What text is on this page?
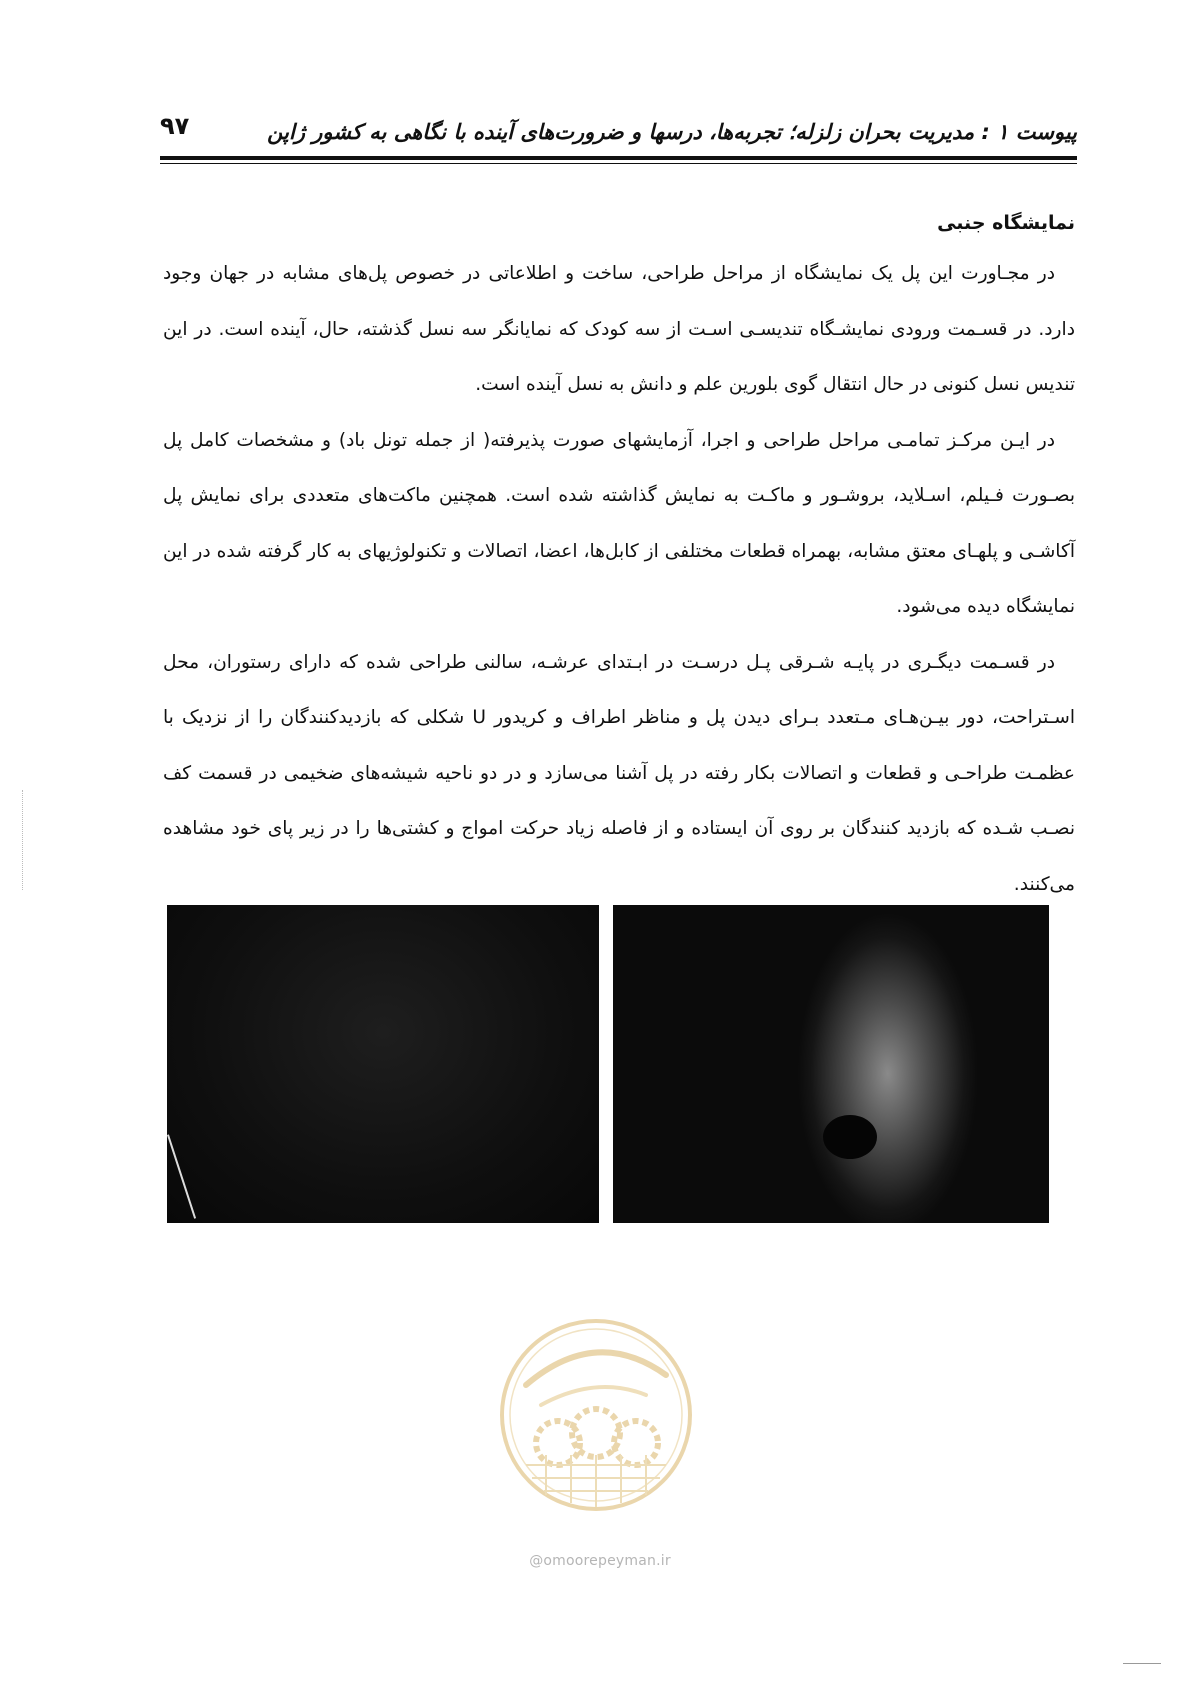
۹۷	پیوست ۱ : مدیریت بحران زلزله؛ تجربه‌ها، درسها و ضرورت‌های آینده با نگاهی به کشور ژاپن
نمایشگاه جنبی

در مجـاورت این پل یک نمایشگاه از مراحل طراحی، ساخت و اطلاعاتی در خصوص پل‌های مشابه در جهان وجود دارد. در قسـمت ورودی نمایشـگاه تندیسـی اسـت از سه کودک که نمایانگر سه نسل گذشته، حال، آینده است. در این تندیس نسل کنونی در حال انتقال گوی بلورین علم و دانش به نسل آینده است.

در ایـن مرکـز تمامـی مراحل طراحی و اجرا، آزمایشهای صورت پذیرفته( از جمله تونل باد) و مشخصات کامل پل بصـورت فـیلم، اسـلاید، بروشـور و ماکـت به نمایش گذاشته شده است. همچنین ماکت‌های متعددی برای نمایش پل آکاشـی و پلهـای معتق مشابه، بهمراه قطعات مختلفی از کابل‌ها، اعضا، اتصالات و تکنولوژیهای به کار گرفته شده در این نمایشگاه دیده می‌شود.

در قسـمت دیگـری در پایـه شـرقی پـل درسـت در ابـتدای عرشـه، سالنی طراحی شده که دارای رستوران، محل اسـتراحت، دور بیـن‌هـای مـتعدد بـرای دیدن پل و مناظر اطراف و کریدور U شکلی که بازدیدکنندگان را از نزدیک با عظمـت طراحـی و قطعات و اتصالات بکار رفته در پل آشنا می‌سازد و در دو ناحیه شیشه‌های ضخیمی در قسمت کف نصـب شـده که بازدید کنندگان بر روی آن ایستاده و از فاصله زیاد حرکت امواج و کشتی‌ها را در زیر پای خود مشاهده می‌کنند.

@omoorepeyman.ir
